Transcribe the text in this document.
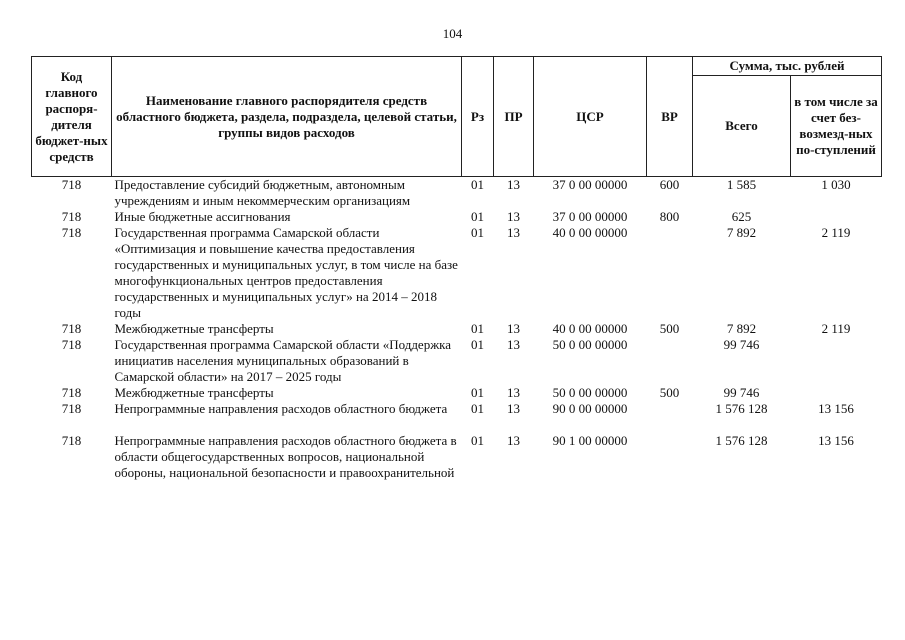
104
Код главного распоря-дителя бюджет-ных средств	Наименование главного распорядителя средств областного бюджета, раздела, подраздела, целевой статьи, группы видов расходов	Рз	ПР	ЦСР	ВР	Сумма, тыс. рублей	
						Всего	в том числе за счет без-возмезд-ных по-ступлений
718	Предоставление субсидий бюджетным, автономным учреждениям и иным некоммерческим организациям	01	13	37 0 00 00000	600	1 585	1 030
718	Иные бюджетные ассигнования	01	13	37 0 00 00000	800	625	
718	Государственная программа Самарской области «Оптимизация и повышение качества предоставления государственных и муниципальных услуг, в том числе на базе многофункциональных центров предоставления государственных и муниципальных услуг» на 2014 – 2018 годы	01	13	40 0 00 00000		7 892	2 119
718	Межбюджетные трансферты	01	13	40 0 00 00000	500	7 892	2 119
718	Государственная программа Самарской области «Поддержка инициатив населения муниципальных образований в Самарской области» на 2017 – 2025 годы	01	13	50 0 00 00000		99 746	
718	Межбюджетные трансферты	01	13	50 0 00 00000	500	99 746	
718	Непрограммные направления расходов областного бюджета	01	13	90 0 00 00000		1 576 128	13 156
718	Непрограммные направления расходов областного бюджета в области общегосударственных вопросов, национальной обороны, национальной безопасности и правоохранительной	01	13	90 1 00 00000		1 576 128	13 156
